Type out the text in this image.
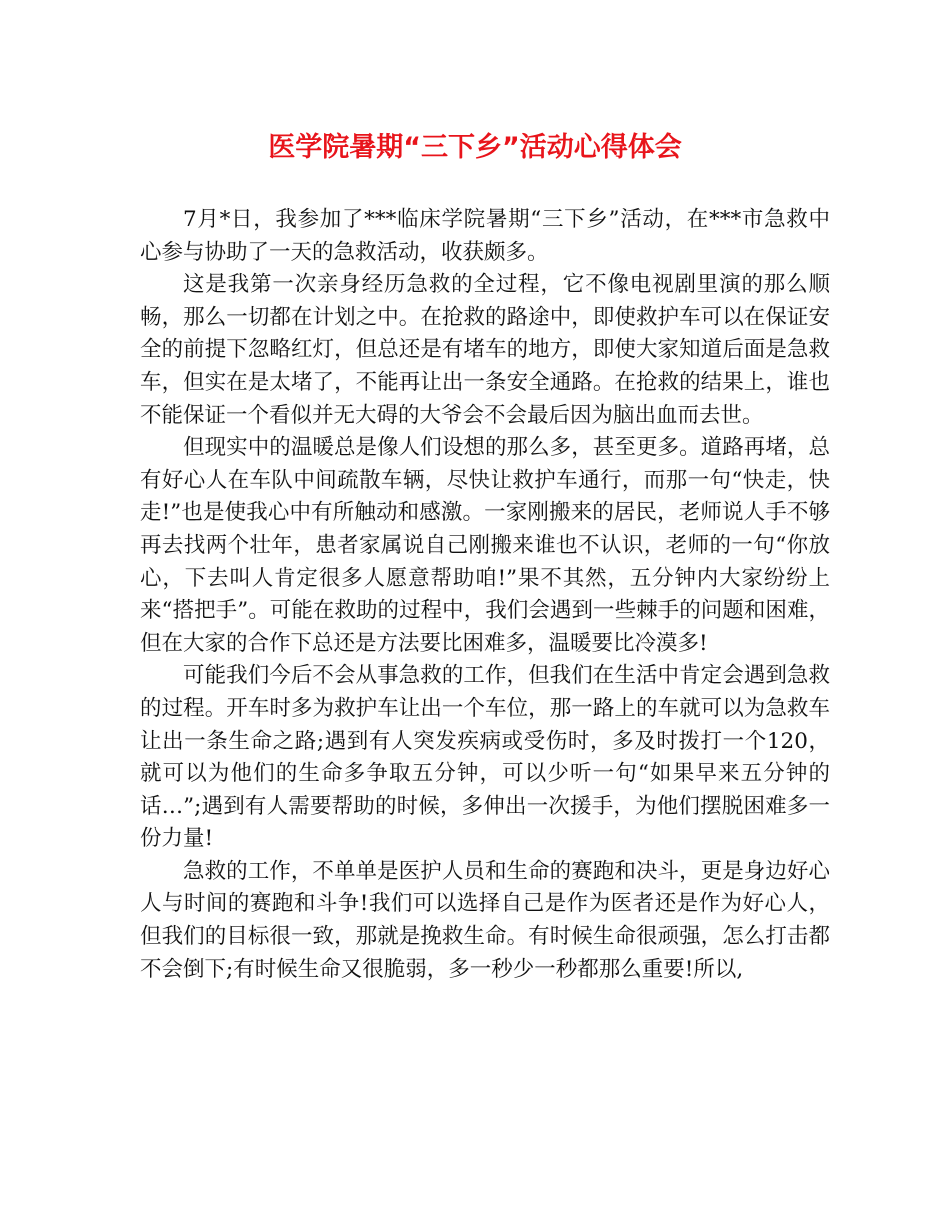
医学院暑期“三下乡”活动心得体会

7月*日，我参加了***临床学院暑期“三下乡”活动，在***市急救中心参与协助了一天的急救活动，收获颇多。

这是我第一次亲身经历急救的全过程，它不像电视剧里演的那么顺畅，那么一切都在计划之中。在抢救的路途中，即使救护车可以在保证安全的前提下忽略红灯，但总还是有堵车的地方，即使大家知道后面是急救车，但实在是太堵了，不能再让出一条安全通路。在抢救的结果上，谁也不能保证一个看似并无大碍的大爷会不会最后因为脑出血而去世。

但现实中的温暖总是像人们设想的那么多，甚至更多。道路再堵，总有好心人在车队中间疏散车辆，尽快让救护车通行，而那一句“快走，快走!”也是使我心中有所触动和感激。一家刚搬来的居民，老师说人手不够再去找两个壮年，患者家属说自己刚搬来谁也不认识，老师的一句“你放心，下去叫人肯定很多人愿意帮助咱!”果不其然，五分钟内大家纷纷上来“搭把手”。可能在救助的过程中，我们会遇到一些棘手的问题和困难，但在大家的合作下总还是方法要比困难多，温暖要比冷漠多!

可能我们今后不会从事急救的工作，但我们在生活中肯定会遇到急救的过程。开车时多为救护车让出一个车位，那一路上的车就可以为急救车让出一条生命之路;遇到有人突发疾病或受伤时，多及时拨打一个120，就可以为他们的生命多争取五分钟，可以少听一句“如果早来五分钟的话…”;遇到有人需要帮助的时候，多伸出一次援手，为他们摆脱困难多一份力量!

急救的工作，不单单是医护人员和生命的赛跑和决斗，更是身边好心人与时间的赛跑和斗争!我们可以选择自己是作为医者还是作为好心人，但我们的目标很一致，那就是挽救生命。有时候生命很顽强，怎么打击都不会倒下;有时候生命又很脆弱，多一秒少一秒都那么重要!所以,
